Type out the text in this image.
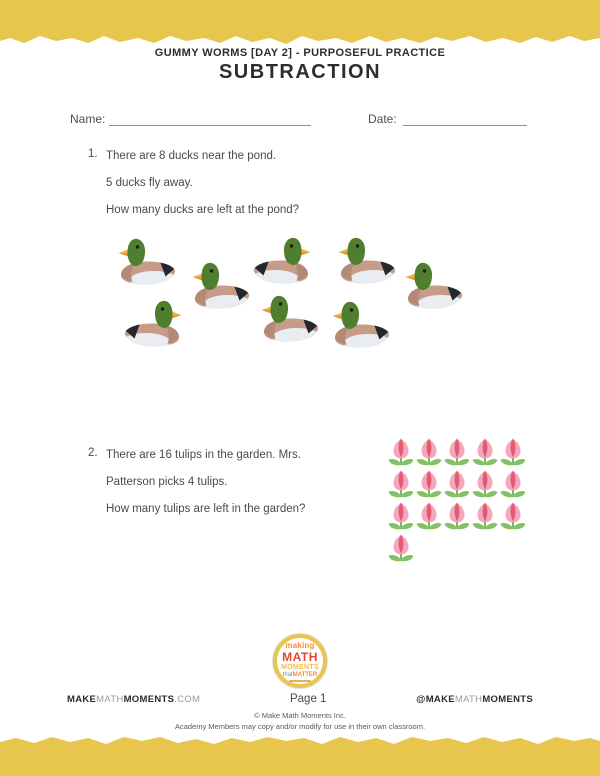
GUMMY WORMS [DAY 2] - PURPOSEFUL PRACTICE
SUBTRACTION
Name:	Date:
1. There are 8 ducks near the pond.

5 ducks fly away.

How many ducks are left at the pond?

2. There are 16 tulips in the garden. Mrs.

Patterson picks 4 tulips.

How many tulips are left in the garden?

making
MATH
MOMENTS
thatMATTER
MAKEMATHMOMENTS.COM	Page 1	@MAKEMATHMOMENTS
© Make Math Moments Inc.
Academy Members may copy and/or modify for use in their own classroom.
